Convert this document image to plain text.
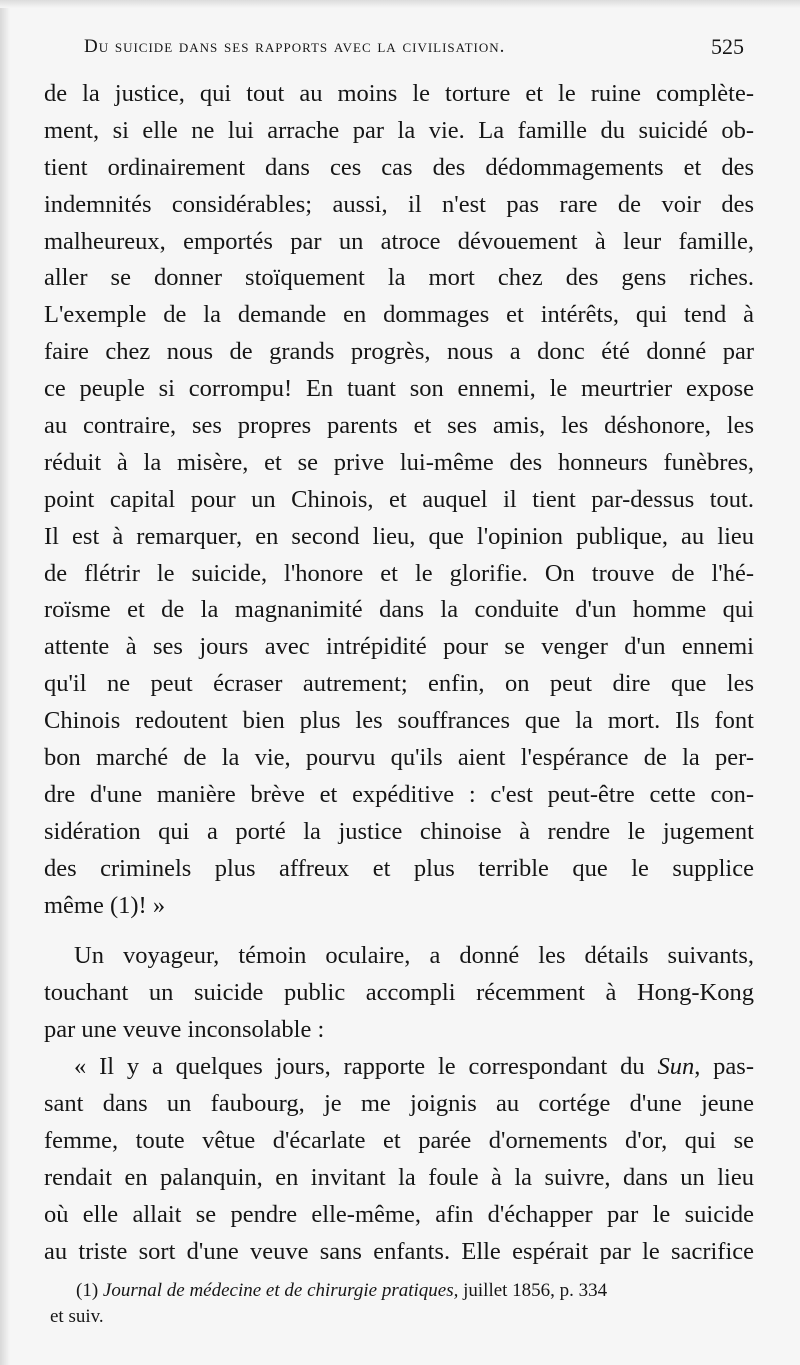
Du suicide dans ses rapports avec la civilisation.	525
de la justice, qui tout au moins le torture et le ruine complète-
ment, si elle ne lui arrache par la vie. La famille du suicidé ob-
tient ordinairement dans ces cas des dédommagements et des
indemnités considérables; aussi, il n'est pas rare de voir des
malheureux, emportés par un atroce dévouement à leur famille,
aller se donner stoïquement la mort chez des gens riches.
L'exemple de la demande en dommages et intérêts, qui tend à
faire chez nous de grands progrès, nous a donc été donné par
ce peuple si corrompu! En tuant son ennemi, le meurtrier expose
au contraire, ses propres parents et ses amis, les déshonore, les
réduit à la misère, et se prive lui-même des honneurs funèbres,
point capital pour un Chinois, et auquel il tient par-dessus tout.
Il est à remarquer, en second lieu, que l'opinion publique, au lieu
de flétrir le suicide, l'honore et le glorifie. On trouve de l'hé-
roïsme et de la magnanimité dans la conduite d'un homme qui
attente à ses jours avec intrépidité pour se venger d'un ennemi
qu'il ne peut écraser autrement; enfin, on peut dire que les
Chinois redoutent bien plus les souffrances que la mort. Ils font
bon marché de la vie, pourvu qu'ils aient l'espérance de la per-
dre d'une manière brève et expéditive : c'est peut-être cette con-
sidération qui a porté la justice chinoise à rendre le jugement
des criminels plus affreux et plus terrible que le supplice
même (1)! »
Un voyageur, témoin oculaire, a donné les détails suivants,
touchant un suicide public accompli récemment à Hong-Kong
par une veuve inconsolable :
« Il y a quelques jours, rapporte le correspondant du Sun, pas-
sant dans un faubourg, je me joignis au cortége d'une jeune
femme, toute vêtue d'écarlate et parée d'ornements d'or, qui se
rendait en palanquin, en invitant la foule à la suivre, dans un lieu
où elle allait se pendre elle-même, afin d'échapper par le suicide
au triste sort d'une veuve sans enfants. Elle espérait par le sacrifice
(1) Journal de médecine et de chirurgie pratiques, juillet 1856, p. 334
et suiv.
